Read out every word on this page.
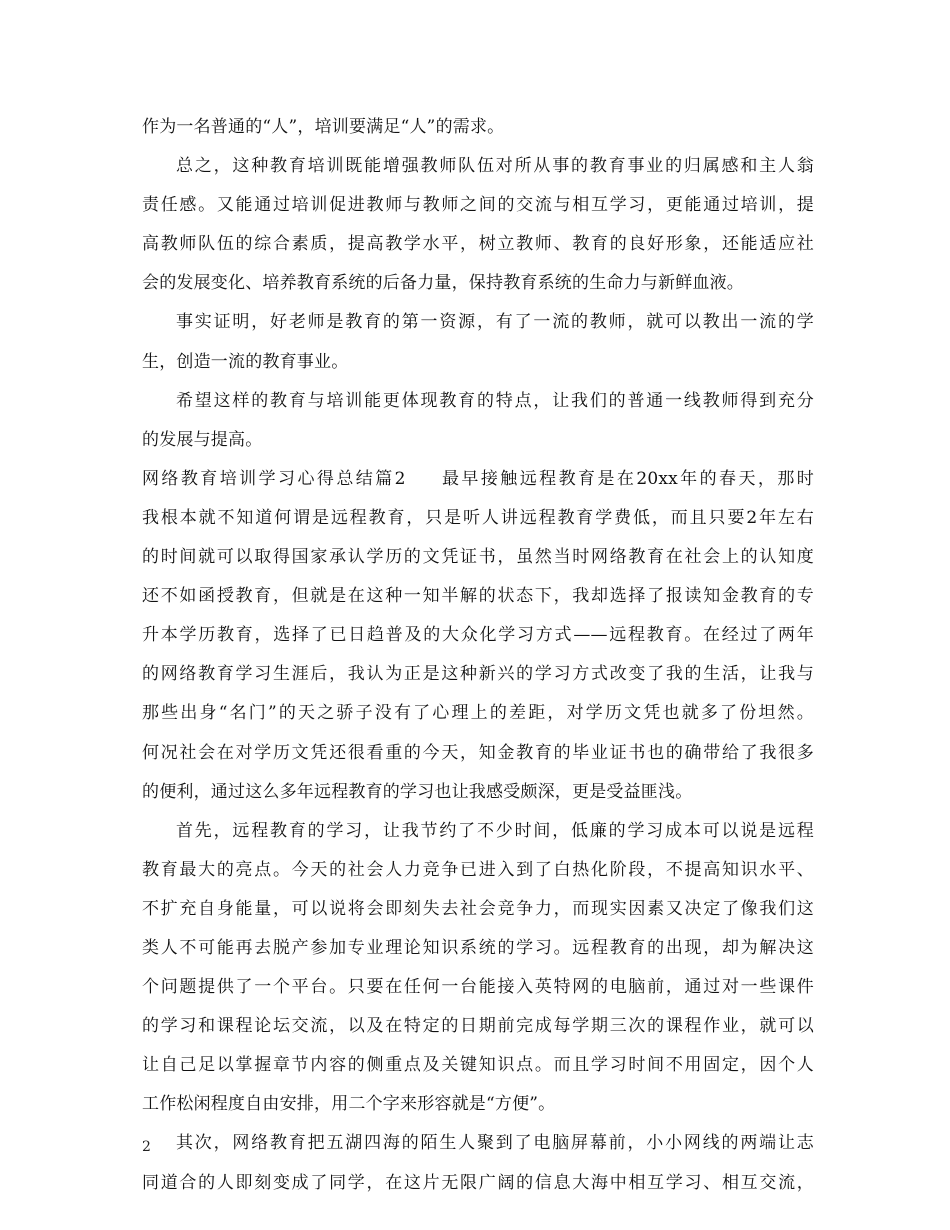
作为一名普通的“人”，培训要满足“人”的需求。
总之，这种教育培训既能增强教师队伍对所从事的教育事业的归属感和主人翁
责任感。又能通过培训促进教师与教师之间的交流与相互学习，更能通过培训，提
高教师队伍的综合素质，提高教学水平，树立教师、教育的良好形象，还能适应社
会的发展变化、培养教育系统的后备力量，保持教育系统的生命力与新鲜血液。
事实证明，好老师是教育的第一资源，有了一流的教师，就可以教出一流的学
生，创造一流的教育事业。
希望这样的教育与培训能更体现教育的特点，让我们的普通一线教师得到充分
的发展与提高。
网络教育培训学习心得总结篇2 最早接触远程教育是在20xx年的春天，那时
我根本就不知道何谓是远程教育，只是听人讲远程教育学费低，而且只要2年左右
的时间就可以取得国家承认学历的文凭证书，虽然当时网络教育在社会上的认知度
还不如函授教育，但就是在这种一知半解的状态下，我却选择了报读知金教育的专
升本学历教育，选择了已日趋普及的大众化学习方式——远程教育。在经过了两年
的网络教育学习生涯后，我认为正是这种新兴的学习方式改变了我的生活，让我与
那些出身“名门”的天之骄子没有了心理上的差距，对学历文凭也就多了份坦然。
何况社会在对学历文凭还很看重的今天，知金教育的毕业证书也的确带给了我很多
的便利，通过这么多年远程教育的学习也让我感受颇深，更是受益匪浅。
首先，远程教育的学习，让我节约了不少时间，低廉的学习成本可以说是远程
教育最大的亮点。今天的社会人力竞争已进入到了白热化阶段，不提高知识水平、
不扩充自身能量，可以说将会即刻失去社会竞争力，而现实因素又决定了像我们这
类人不可能再去脱产参加专业理论知识系统的学习。远程教育的出现，却为解决这
个问题提供了一个平台。只要在任何一台能接入英特网的电脑前，通过对一些课件
的学习和课程论坛交流，以及在特定的日期前完成每学期三次的课程作业，就可以
让自己足以掌握章节内容的侧重点及关键知识点。而且学习时间不用固定，因个人
工作松闲程度自由安排，用二个字来形容就是“方便”。
其次，网络教育把五湖四海的陌生人聚到了电脑屏幕前，小小网线的两端让志
同道合的人即刻变成了同学，在这片无限广阔的信息大海中相互学习、相互交流，
2
